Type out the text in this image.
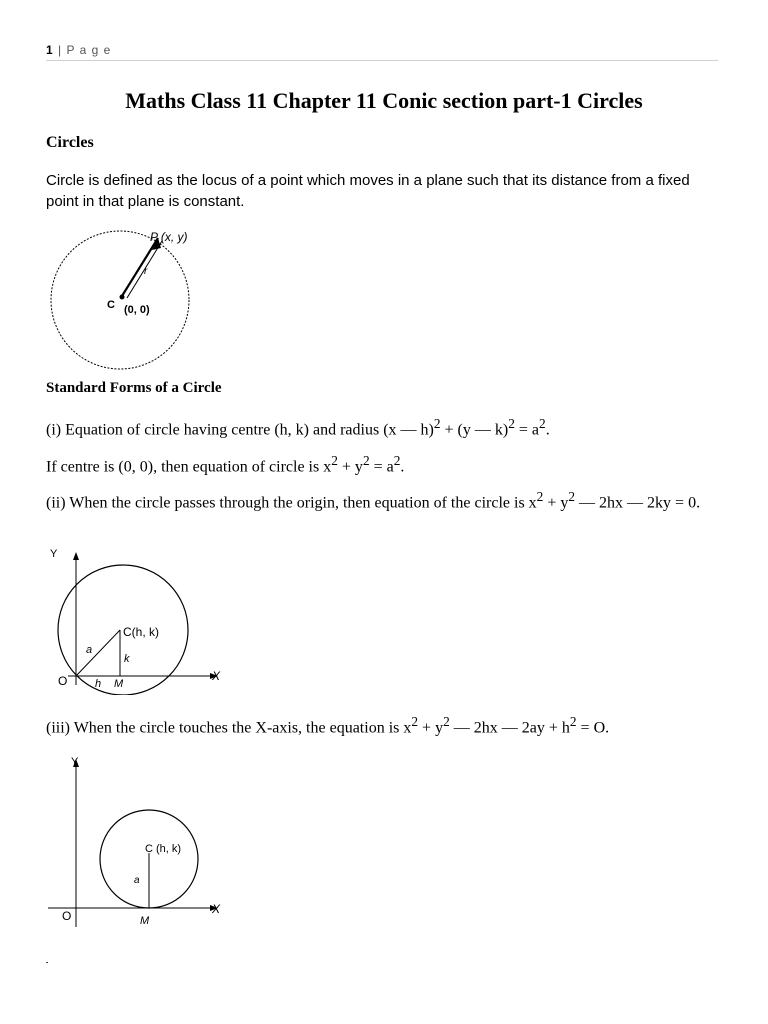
1 | P a g e
Maths Class 11 Chapter 11 Conic section part-1 Circles
Circles

Circle is defined as the locus of a point which moves in a plane such that its distance from a fixed point in that plane is constant.

P (x, y)
r
C (0, 0)
Standard Forms of a Circle

(i) Equation of circle having centre (h, k) and radius (x — h)$^2$ + (y — $k)^2 = a^2$.

If centre is (0, 0), then equation of circle is $x^2 + y^2 = a^2$.

(ii) When the circle passes through the origin, then equation of the circle is $x^2 + y^2$ — 2hx — 2ky = 0.

Y
X
O
C(h, k)
a
k
h M

(iii) When the circle touches the X-axis, the equation is $x^2 + y^2$ — 2hx — $2ay + h^2 = O$.

Y
X
O
C (h, k)
a
M
